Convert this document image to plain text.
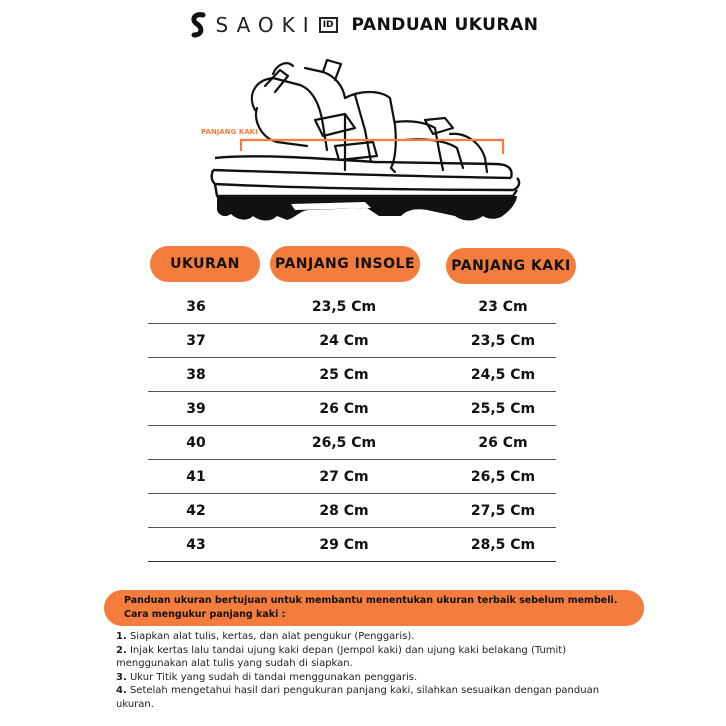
SAOKI ID PANDUAN UKURAN
PANJANG KAKI
UKURAN	PANJANG INSOLE	PANJANG KAKI
36	23,5 Cm	23 Cm
37	24 Cm	23,5 Cm
38	25 Cm	24,5 Cm
39	26 Cm	25,5 Cm
40	26,5 Cm	26 Cm
41	27 Cm	26,5 Cm
42	28 Cm	27,5 Cm
43	29 Cm	28,5 Cm
Panduan ukuran bertujuan untuk membantu menentukan ukuran terbaik sebelum membeli.
Cara mengukur panjang kaki :
1. Siapkan alat tulis, kertas, dan alat pengukur (Penggaris).
2. Injak kertas lalu tandai ujung kaki depan (Jempol kaki) dan ujung kaki belakang (Tumit) menggunakan alat tulis yang sudah di siapkan.
3. Ukur Titik yang sudah di tandai menggunakan penggaris.
4. Setelah mengetahui hasil dari pengukuran panjang kaki, silahkan sesuaikan dengan panduan ukuran.
